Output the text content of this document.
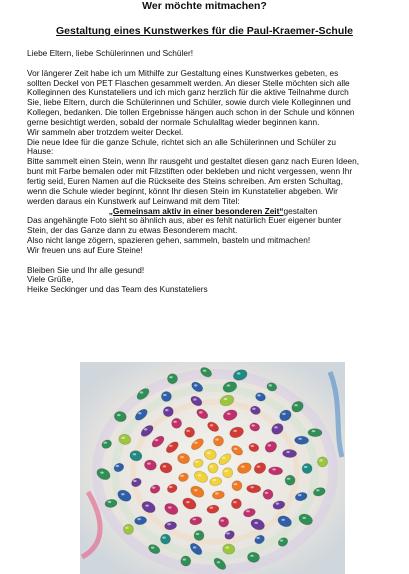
Wer möchte mitmachen?
Gestaltung eines Kunstwerkes für die Paul-Kraemer-Schule

Liebe Eltern, liebe Schülerinnen und Schüler!

Vor längerer Zeit habe ich um Mithilfe zur Gestaltung eines Kunstwerkes gebeten, es

sollten Deckel von PET Flaschen gesammelt werden. An dieser Stelle möchten sich alle

Kolleginnen des Kunstateliers und ich mich ganz herzlich für die aktive Teilnahme durch

Sie, liebe Eltern, durch die Schülerinnen und Schüler, sowie durch viele Kolleginnen und

Kollegen, bedanken. Die tollen Ergebnisse hängen auch schon in der Schule und können

gerne besichtigt werden, sobald der normale Schulalltag wieder beginnen kann.

Wir sammeln aber trotzdem weiter Deckel.

Die neue Idee für die ganze Schule, richtet sich an alle Schülerinnen und Schüler zu

Hause:

Bitte sammelt einen Stein, wenn Ihr rausgeht und gestaltet diesen ganz nach Euren Ideen,

bunt mit Farbe bemalen oder mit Filzstiften oder bekleben und nicht vergessen, wenn Ihr

fertig seid, Euren Namen auf die Rückseite des Steins schreiben. Am ersten Schultag,

wenn die Schule wieder beginnt, könnt Ihr diesen Stein im Kunstatelier abgeben. Wir

werden daraus ein Kunstwerk auf Leinwand mit dem Titel:

„Gemeinsam aktiv in einer besonderen Zeit“gestalten

Das angehängte Foto sieht so ähnlich aus, aber es fehlt natürlich Euer eigener bunter

Stein, der das Ganze dann zu etwas Besonderem macht.

Also nicht lange zögern, spazieren gehen, sammeln, basteln und mitmachen!

Wir freuen uns auf Eure Steine!

Bleiben Sie und Ihr alle gesund!

Viele Grüße,

Heike Seckinger und das Team des Kunstateliers
